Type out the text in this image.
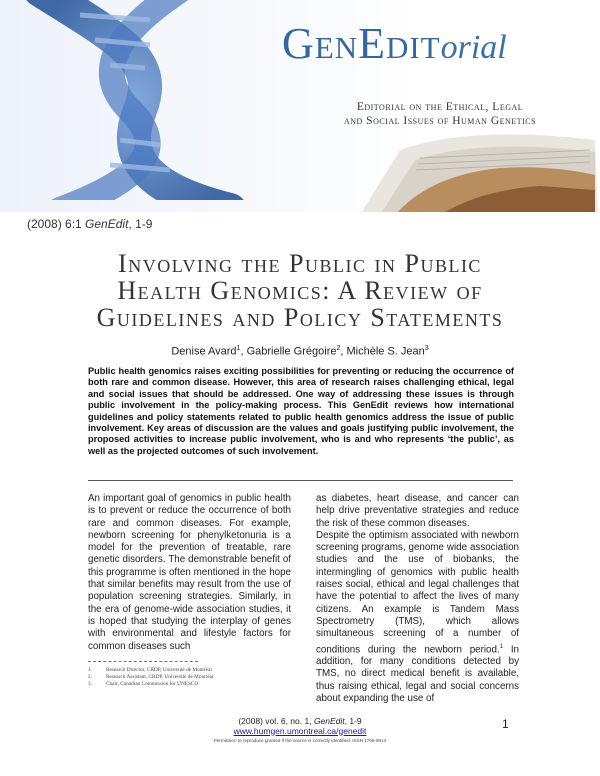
GenEditorial
Editorial on the Ethical, Legal
and Social Issues of Human Genetics
(2008) 6:1 GenEdit, 1-9
Involving the Public in Public
Health Genomics: A Review of
Guidelines and Policy Statements
Denise Avard$^1$, Gabrielle Grégoire$^2$, Michèle S. Jean$^3$
Public health genomics raises exciting possibilities for preventing or reducing the occurrence of both rare and common disease. However, this area of research raises challenging ethical, legal and social issues that should be addressed. One way of addressing these issues is through public involvement in the policy-making process. This GenEdit reviews how international guidelines and policy statements related to public health genomics address the issue of public involvement. Key areas of discussion are the values and goals justifying public involvement, the proposed activities to increase public involvement, who is and who represents ‘the public’, as well as the projected outcomes of such involvement.

An important goal of genomics in public health is to prevent or reduce the occurrence of both rare and common diseases. For example, newborn screening for phenylketonuria is a model for the prevention of treatable, rare genetic disorders. The demonstrable benefit of this programme is often mentioned in the hope that similar benefits may result from the use of population screening strategies. Similarly, in the era of genome-wide association studies, it is hoped that studying the interplay of genes with environmental and lifestyle factors for common diseases such

as diabetes, heart disease, and cancer can help drive preventative strategies and reduce the risk of these common diseases.

Despite the optimism associated with newborn screening programs, genome wide association studies and the use of biobanks, the intermingling of genomics with public health raises social, ethical and legal challenges that have the potential to affect the lives of many citizens. An example is Tandem Mass Spectrometry (TMS), which allows simultaneous screening of a number of conditions during the newborn period.$^1$ In addition, for many conditions detected by TMS, no direct medical benefit is available, thus raising ethical, legal and social concerns about expanding the use of

1.	Research Director, CRDP, Université de Montréal
2.	Research Assistant, CRDP, Université de Montréal
3.	Chair, Canadian Commission for UNESCO
(2008) vol. 6, no. 1, GenEdit, 1-9
www.humgen.umontreal.ca/genedit
Permission to reproduce granted if the source is correctly identified. ISSN 1708-6914
1
